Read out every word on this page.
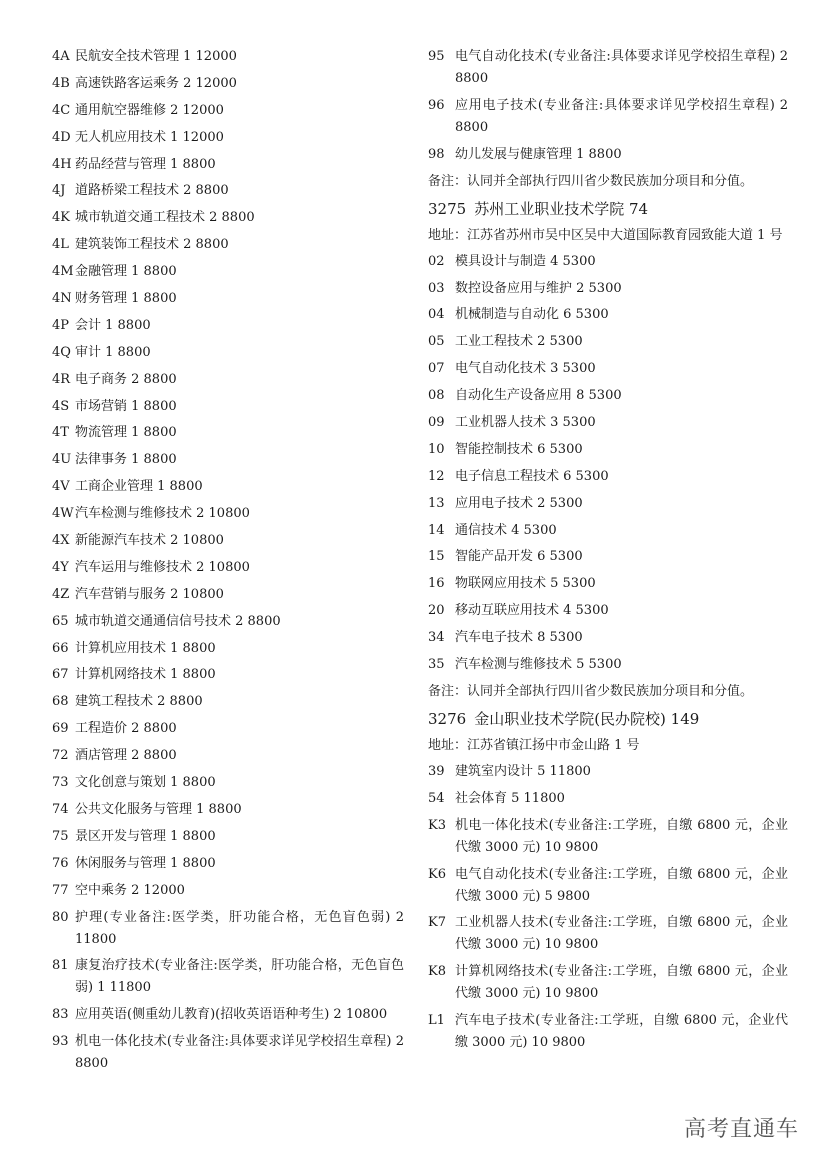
4A 民航安全技术管理 1 12000
4B 高速铁路客运乘务 2 12000
4C 通用航空器维修 2 12000
4D 无人机应用技术 1 12000
4H 药品经营与管理 1 8800
4J 道路桥梁工程技术 2 8800
4K 城市轨道交通工程技术 2 8800
4L 建筑装饰工程技术 2 8800
4M 金融管理 1 8800
4N 财务管理 1 8800
4P 会计 1 8800
4Q 审计 1 8800
4R 电子商务 2 8800
4S 市场营销 1 8800
4T 物流管理 1 8800
4U 法律事务 1 8800
4V 工商企业管理 1 8800
4W 汽车检测与维修技术 2 10800
4X 新能源汽车技术 2 10800
4Y 汽车运用与维修技术 2 10800
4Z 汽车营销与服务 2 10800
65 城市轨道交通通信信号技术 2 8800
66 计算机应用技术 1 8800
67 计算机网络技术 1 8800
68 建筑工程技术 2 8800
69 工程造价 2 8800
72 酒店管理 2 8800
73 文化创意与策划 1 8800
74 公共文化服务与管理 1 8800
75 景区开发与管理 1 8800
76 休闲服务与管理 1 8800
77 空中乘务 2 12000
80 护理(专业备注:医学类，肝功能合格，无色盲色弱) 2 11800
81 康复治疗技术(专业备注:医学类，肝功能合格，无色盲色弱) 1 11800
83 应用英语(侧重幼儿教育)(招收英语语种考生) 2 10800
93 机电一体化技术(专业备注:具体要求详见学校招生章程) 2 8800
95 电气自动化技术(专业备注:具体要求详见学校招生章程) 2 8800
96 应用电子技术(专业备注:具体要求详见学校招生章程) 2 8800
98 幼儿发展与健康管理 1 8800
备注：认同并全部执行四川省少数民族加分项目和分值。
3275 苏州工业职业技术学院 74
地址：江苏省苏州市吴中区吴中大道国际教育园致能大道 1 号
02 模具设计与制造 4 5300
03 数控设备应用与维护 2 5300
04 机械制造与自动化 6 5300
05 工业工程技术 2 5300
07 电气自动化技术 3 5300
08 自动化生产设备应用 8 5300
09 工业机器人技术 3 5300
10 智能控制技术 6 5300
12 电子信息工程技术 6 5300
13 应用电子技术 2 5300
14 通信技术 4 5300
15 智能产品开发 6 5300
16 物联网应用技术 5 5300
20 移动互联应用技术 4 5300
34 汽车电子技术 8 5300
35 汽车检测与维修技术 5 5300
备注：认同并全部执行四川省少数民族加分项目和分值。
3276 金山职业技术学院(民办院校) 149
地址：江苏省镇江扬中市金山路 1 号
39 建筑室内设计 5 11800
54 社会体育 5 11800
K3 机电一体化技术(专业备注:工学班，自缴 6800 元，企业代缴 3000 元) 10 9800
K6 电气自动化技术(专业备注:工学班，自缴 6800 元，企业代缴 3000 元) 5 9800
K7 工业机器人技术(专业备注:工学班，自缴 6800 元，企业代缴 3000 元) 10 9800
K8 计算机网络技术(专业备注:工学班，自缴 6800 元，企业代缴 3000 元) 10 9800
L1 汽车电子技术(专业备注:工学班，自缴 6800 元，企业代缴 3000 元) 10 9800
高考直通车
